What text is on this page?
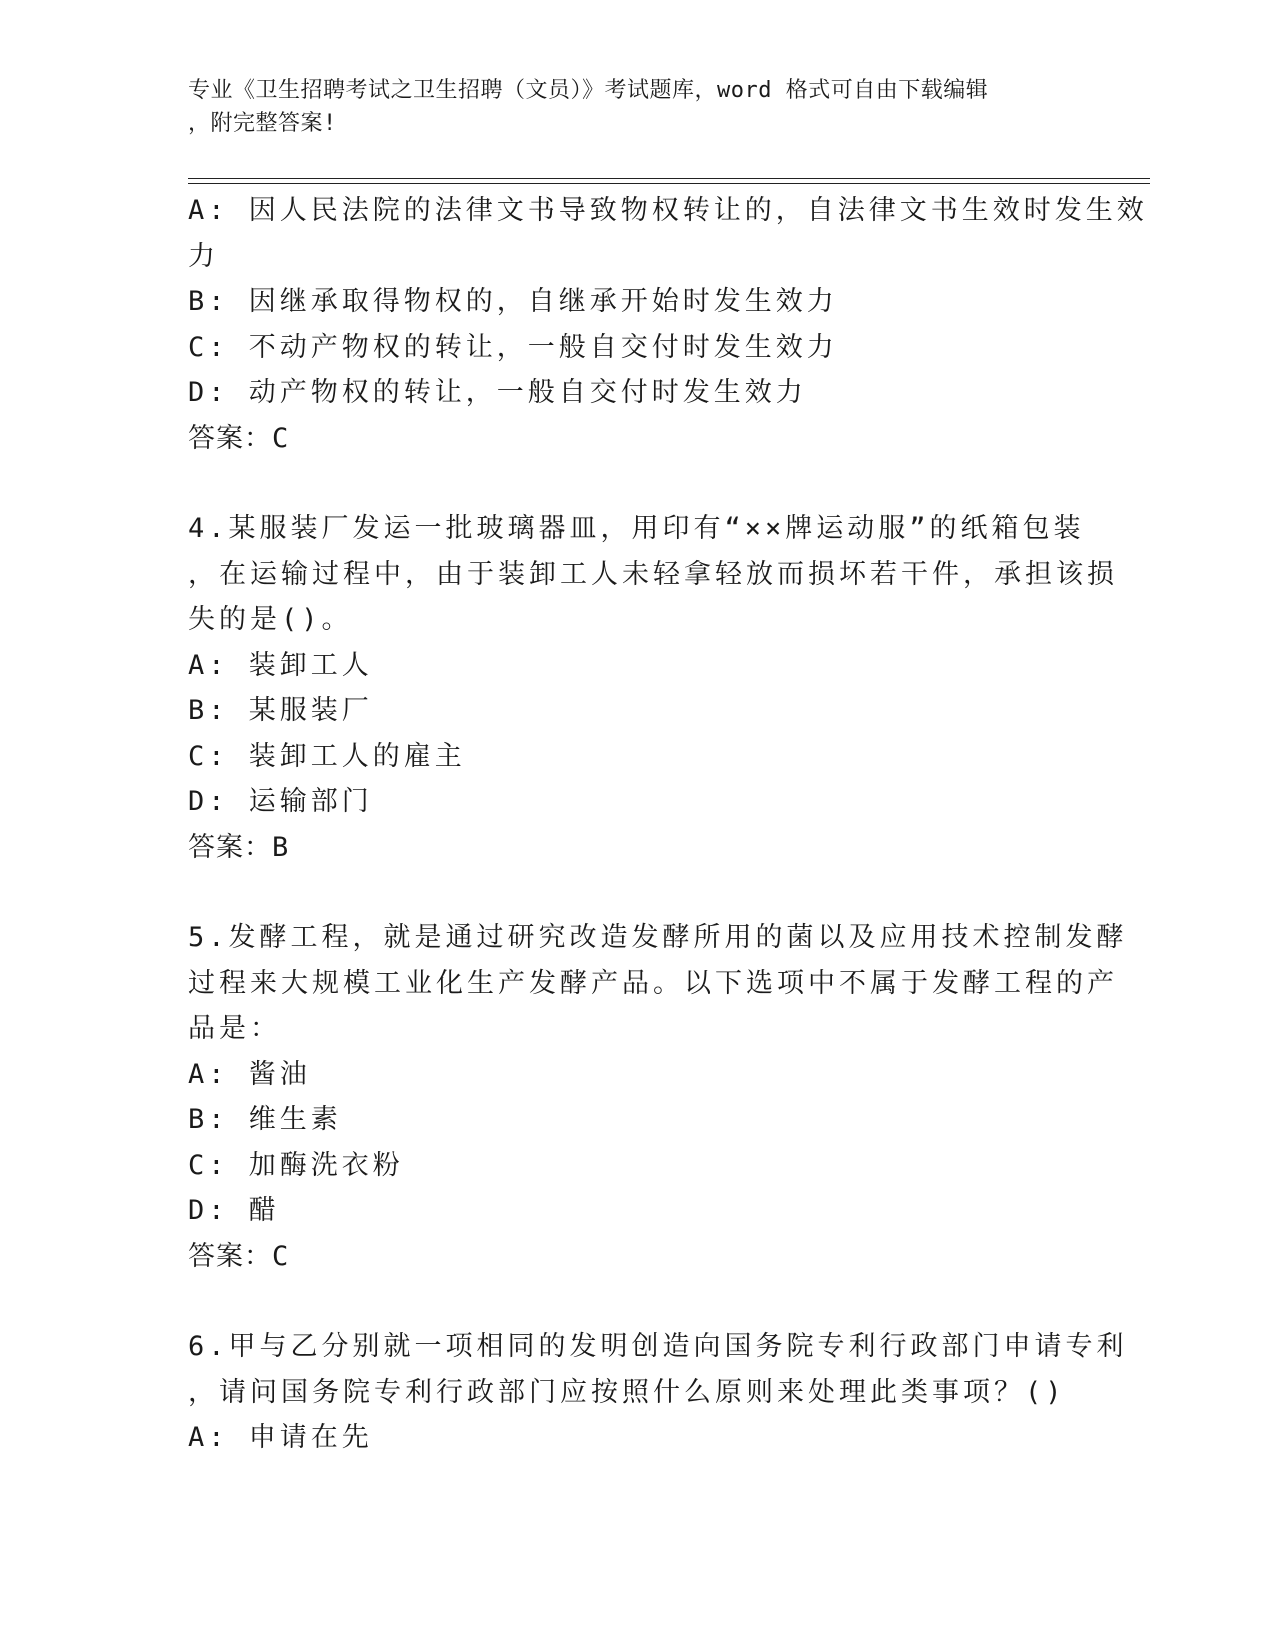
专业《卫生招聘考试之卫生招聘（文员）》考试题库，word 格式可自由下载编辑
，附完整答案!
A: 因人民法院的法律文书导致物权转让的，自法律文书生效时发生效
力
B: 因继承取得物权的，自继承开始时发生效力
C: 不动产物权的转让，一般自交付时发生效力
D: 动产物权的转让，一般自交付时发生效力
答案：C
4.某服装厂发运一批玻璃器皿，用印有“××牌运动服”的纸箱包装
，在运输过程中，由于装卸工人未轻拿轻放而损坏若干件，承担该损
失的是()。
A: 装卸工人
B: 某服装厂
C: 装卸工人的雇主
D: 运输部门
答案：B
5.发酵工程，就是通过研究改造发酵所用的菌以及应用技术控制发酵
过程来大规模工业化生产发酵产品。以下选项中不属于发酵工程的产
品是：
A: 酱油
B: 维生素
C: 加酶洗衣粉
D: 醋
答案：C
6.甲与乙分别就一项相同的发明创造向国务院专利行政部门申请专利
，请问国务院专利行政部门应按照什么原则来处理此类事项？()
A: 申请在先
